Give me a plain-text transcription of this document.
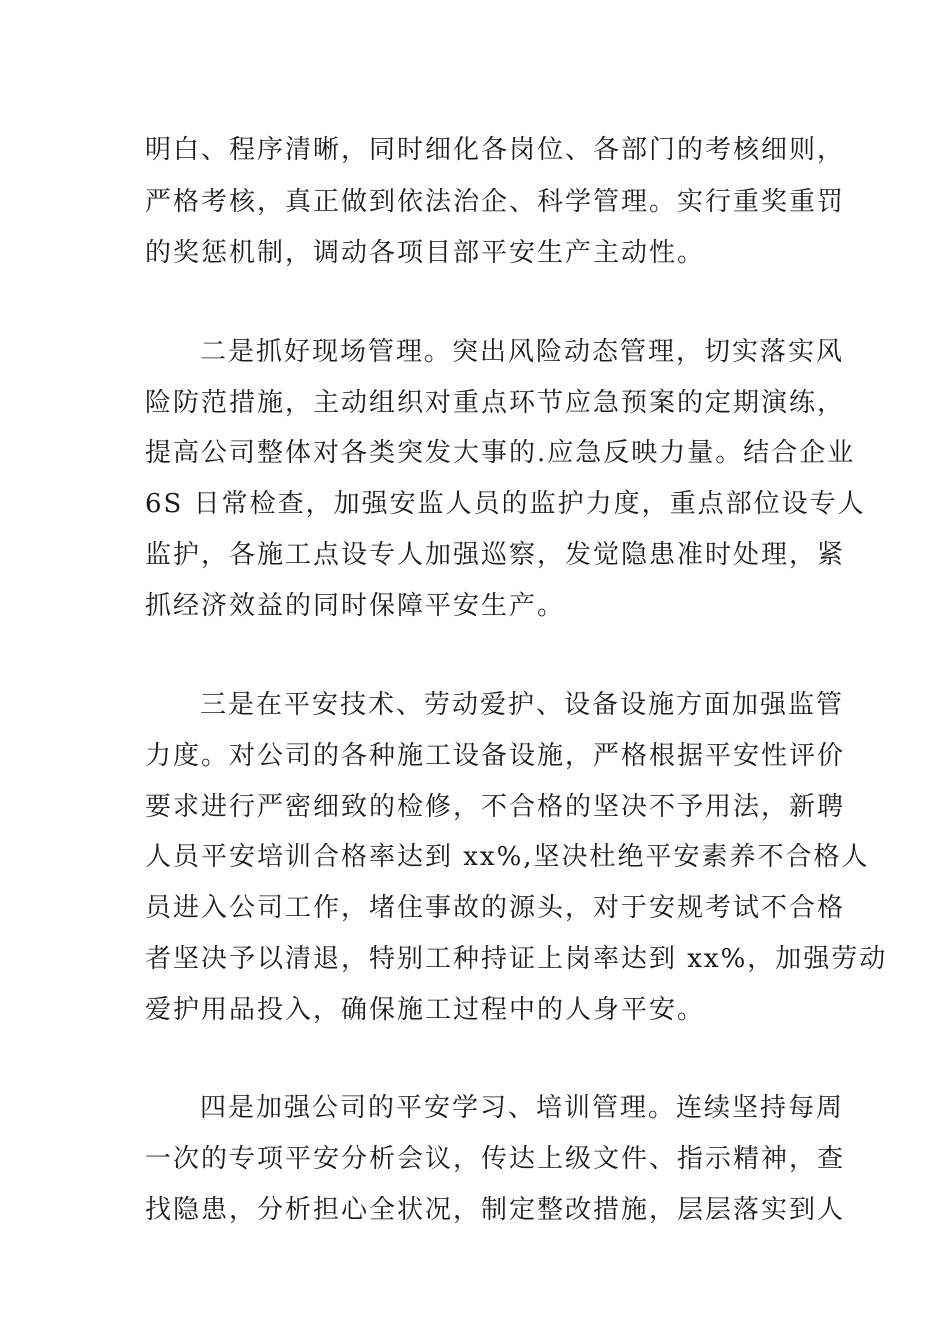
明白、程序清晰，同时细化各岗位、各部门的考核细则，
严格考核，真正做到依法治企、科学管理。实行重奖重罚
的奖惩机制，调动各项目部平安生产主动性。
二是抓好现场管理。突出风险动态管理，切实落实风
险防范措施，主动组织对重点环节应急预案的定期演练，
提高公司整体对各类突发大事的.应急反映力量。结合企业
6S 日常检查，加强安监人员的监护力度，重点部位设专人
监护，各施工点设专人加强巡察，发觉隐患准时处理，紧
抓经济效益的同时保障平安生产。
三是在平安技术、劳动爱护、设备设施方面加强监管
力度。对公司的各种施工设备设施，严格根据平安性评价
要求进行严密细致的检修，不合格的坚决不予用法，新聘
人员平安培训合格率达到 xx%,坚决杜绝平安素养不合格人
员进入公司工作，堵住事故的源头，对于安规考试不合格
者坚决予以清退，特别工种持证上岗率达到 xx%，加强劳动
爱护用品投入，确保施工过程中的人身平安。
四是加强公司的平安学习、培训管理。连续坚持每周
一次的专项平安分析会议，传达上级文件、指示精神，查
找隐患，分析担心全状况，制定整改措施，层层落实到人
